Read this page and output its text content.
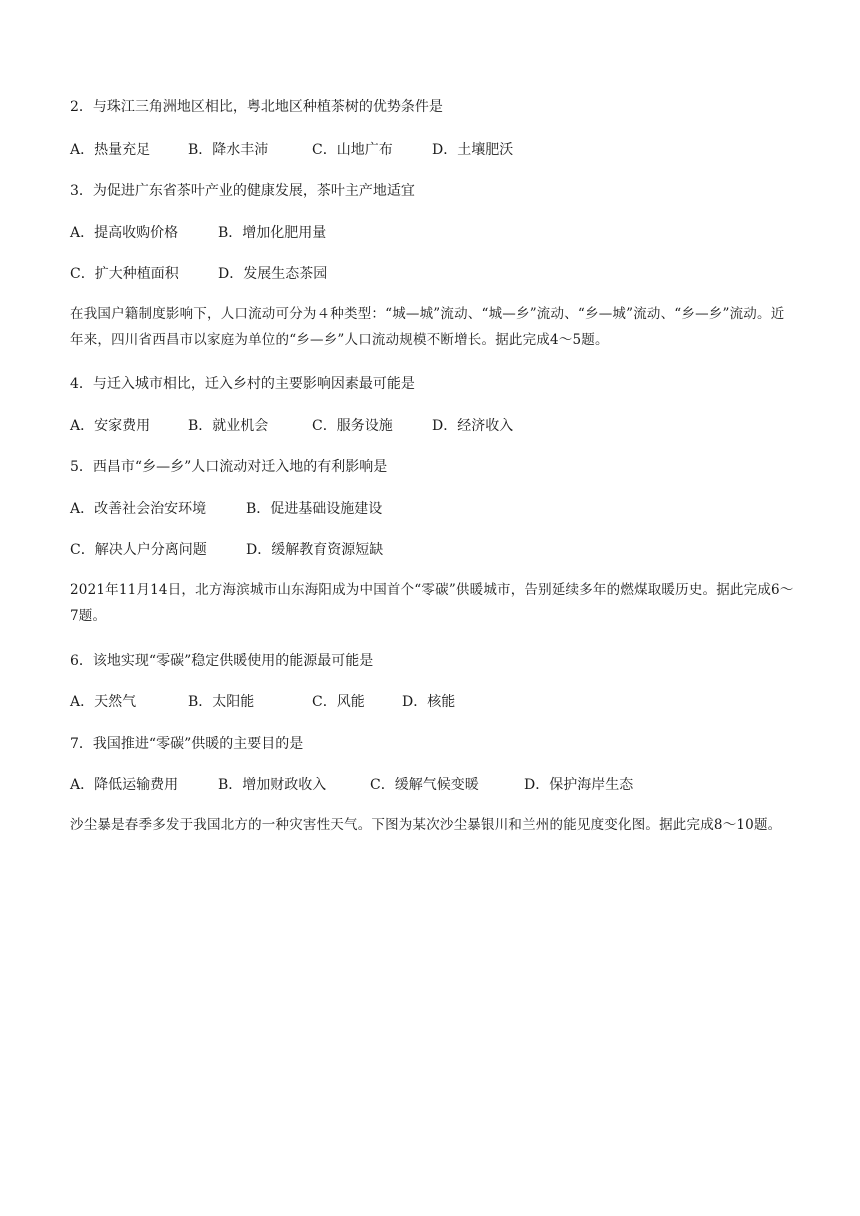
2．与珠江三角洲地区相比，粤北地区种植茶树的优势条件是
A．热量充足	B．降水丰沛	C．山地广布	D．土壤肥沃
3．为促进广东省茶叶产业的健康发展，茶叶主产地适宜
A．提高收购价格	B．增加化肥用量
C．扩大种植面积	D．发展生态茶园
在我国户籍制度影响下，人口流动可分为４种类型：“城—城”流动、“城—乡”流动、“乡—城”流动、“乡—乡”流动。近年来，四川省西昌市以家庭为单位的“乡—乡”人口流动规模不断增长。据此完成4～5题。
4．与迁入城市相比，迁入乡村的主要影响因素最可能是
A．安家费用	B．就业机会	C．服务设施	D．经济收入
5．西昌市“乡—乡”人口流动对迁入地的有利影响是
A．改善社会治安环境	B．促进基础设施建设
C．解决人户分离问题	D．缓解教育资源短缺
2021年11月14日，北方海滨城市山东海阳成为中国首个“零碳”供暖城市，告别延续多年的燃煤取暖历史。据此完成6～7题。
6．该地实现“零碳”稳定供暖使用的能源最可能是
A．天然气	B．太阳能	C．风能	D．核能
7．我国推进“零碳”供暖的主要目的是
A．降低运输费用	B．增加财政收入	C．缓解气候变暖	D．保护海岸生态
沙尘暴是春季多发于我国北方的一种灾害性天气。下图为某次沙尘暴银川和兰州的能见度变化图。据此完成8～10题。
